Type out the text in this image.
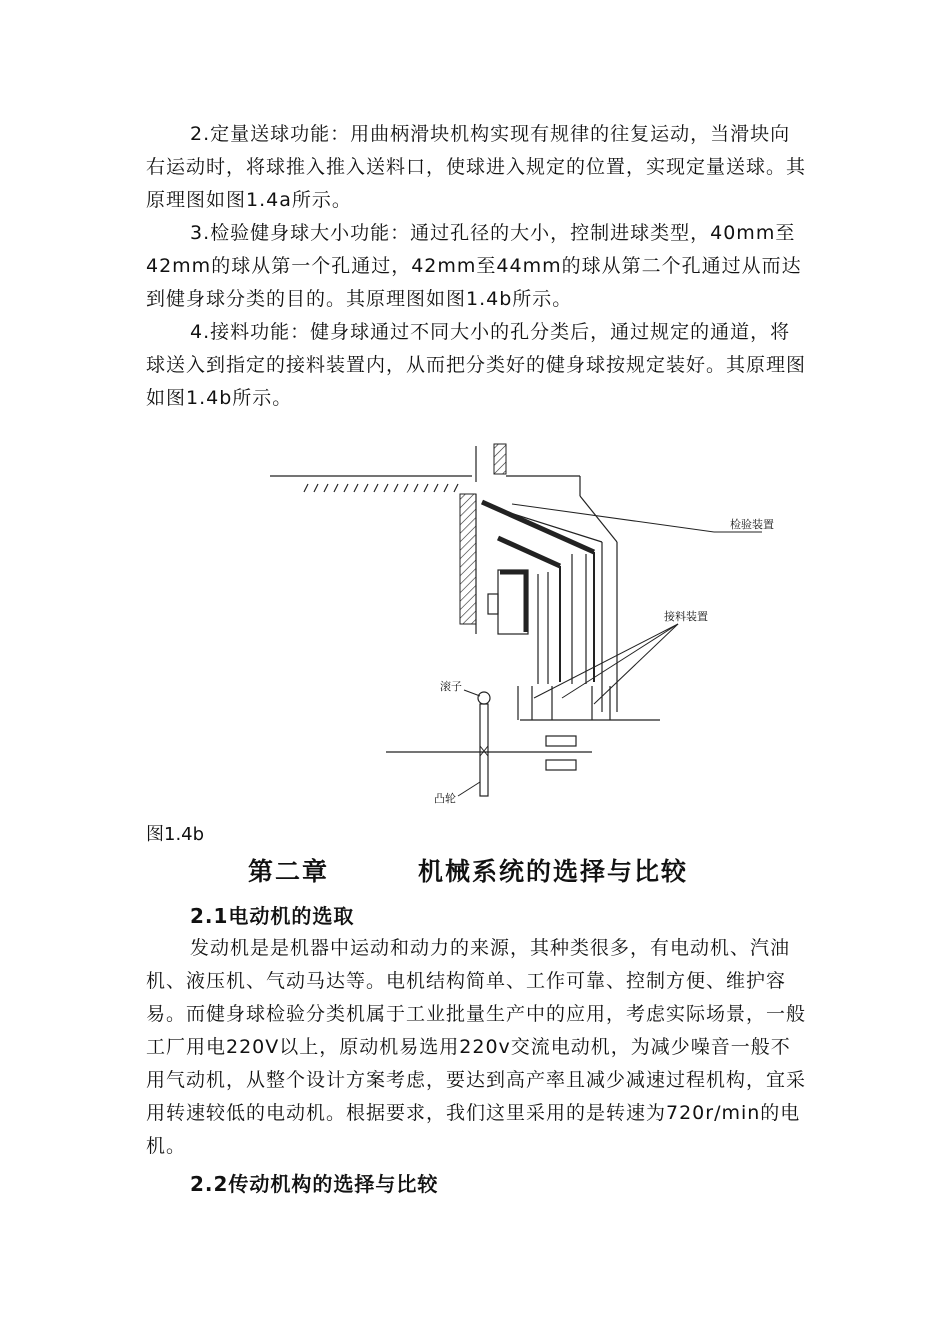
2.定量送球功能：用曲柄滑块机构实现有规律的往复运动，当滑块向右运动时，将球推入推入送料口，使球进入规定的位置，实现定量送球。其原理图如图1.4a所示。
3.检验健身球大小功能：通过孔径的大小，控制进球类型，40mm至42mm的球从第一个孔通过，42mm至44mm的球从第二个孔通过从而达到健身球分类的目的。其原理图如图1.4b所示。
4.接料功能：健身球通过不同大小的孔分类后，通过规定的通道，将球送入到指定的接料装置内，从而把分类好的健身球按规定装好。其原理图如图1.4b所示。
检验装置
接料装置
滚子
凸轮
图1.4b
第二章	机械系统的选择与比较
2.1电动机的选取
发动机是是机器中运动和动力的来源，其种类很多，有电动机、汽油机、液压机、气动马达等。电机结构简单、工作可靠、控制方便、维护容易。而健身球检验分类机属于工业批量生产中的应用，考虑实际场景，一般工厂用电220V以上，原动机易选用220v交流电动机，为减少噪音一般不用气动机，从整个设计方案考虑，要达到高产率且减少减速过程机构，宜采用转速较低的电动机。根据要求，我们这里采用的是转速为720r/min的电机。
2.2传动机构的选择与比较
